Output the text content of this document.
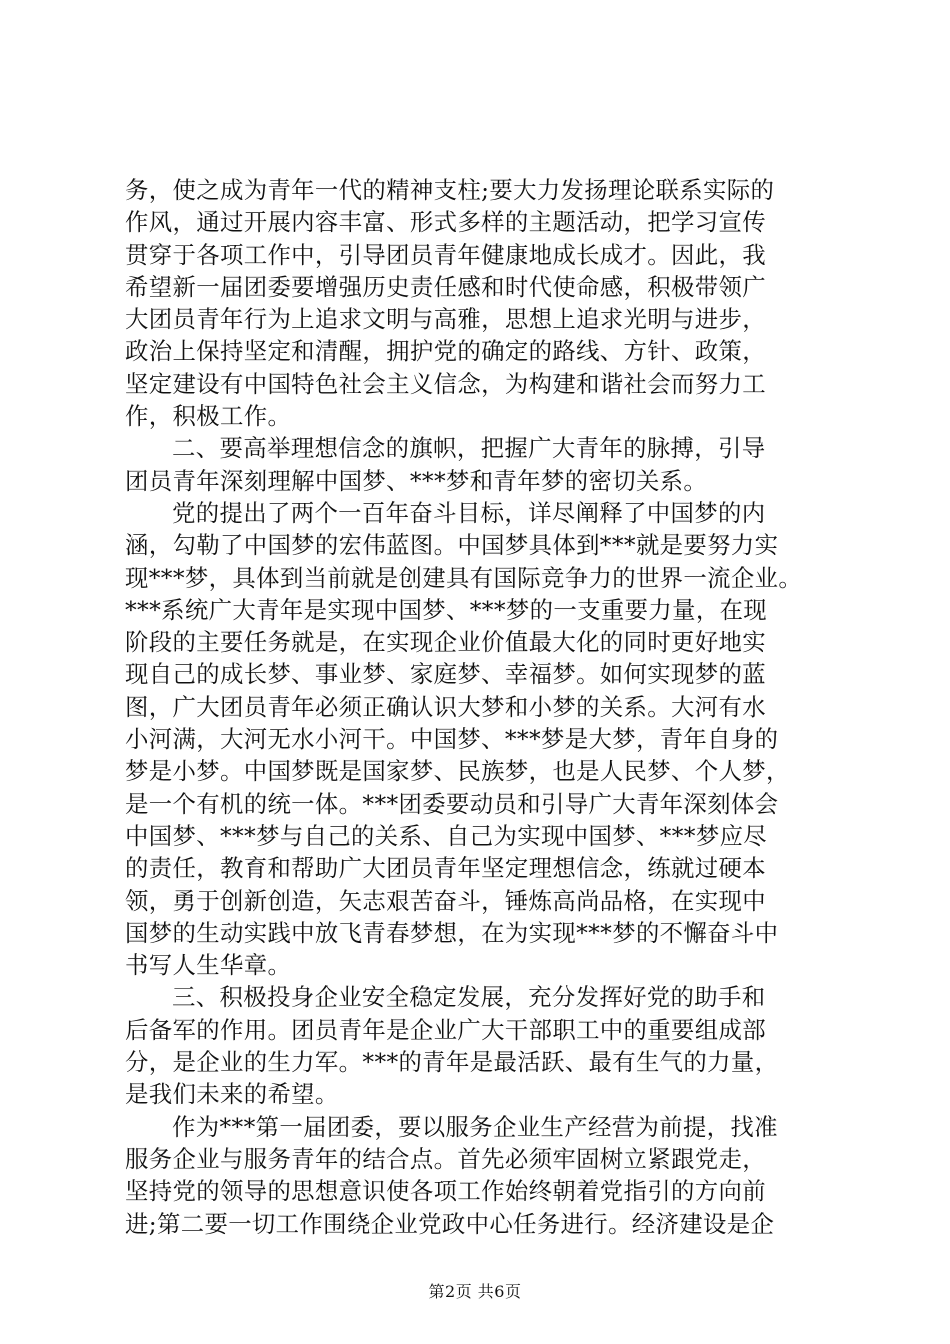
务，使之成为青年一代的精神支柱;要大力发扬理论联系实际的
作风，通过开展内容丰富、形式多样的主题活动，把学习宣传
贯穿于各项工作中，引导团员青年健康地成长成才。因此，我
希望新一届团委要增强历史责任感和时代使命感，积极带领广
大团员青年行为上追求文明与高雅，思想上追求光明与进步，
政治上保持坚定和清醒，拥护党的确定的路线、方针、政策，
坚定建设有中国特色社会主义信念，为构建和谐社会而努力工
作，积极工作。
二、要高举理想信念的旗帜，把握广大青年的脉搏，引导
团员青年深刻理解中国梦、***梦和青年梦的密切关系。
党的提出了两个一百年奋斗目标，详尽阐释了中国梦的内
涵，勾勒了中国梦的宏伟蓝图。中国梦具体到***就是要努力实
现***梦，具体到当前就是创建具有国际竞争力的世界一流企业。
***系统广大青年是实现中国梦、***梦的一支重要力量，在现
阶段的主要任务就是，在实现企业价值最大化的同时更好地实
现自己的成长梦、事业梦、家庭梦、幸福梦。如何实现梦的蓝
图，广大团员青年必须正确认识大梦和小梦的关系。大河有水
小河满，大河无水小河干。中国梦、***梦是大梦，青年自身的
梦是小梦。中国梦既是国家梦、民族梦，也是人民梦、个人梦，
是一个有机的统一体。***团委要动员和引导广大青年深刻体会
中国梦、***梦与自己的关系、自己为实现中国梦、***梦应尽
的责任，教育和帮助广大团员青年坚定理想信念，练就过硬本
领，勇于创新创造，矢志艰苦奋斗，锤炼高尚品格，在实现中
国梦的生动实践中放飞青春梦想，在为实现***梦的不懈奋斗中
书写人生华章。
三、积极投身企业安全稳定发展，充分发挥好党的助手和
后备军的作用。团员青年是企业广大干部职工中的重要组成部
分，是企业的生力军。***的青年是最活跃、最有生气的力量，
是我们未来的希望。
作为***第一届团委，要以服务企业生产经营为前提，找准
服务企业与服务青年的结合点。首先必须牢固树立紧跟党走，
坚持党的领导的思想意识使各项工作始终朝着党指引的方向前
进;第二要一切工作围绕企业党政中心任务进行。经济建设是企
第2页 共6页
